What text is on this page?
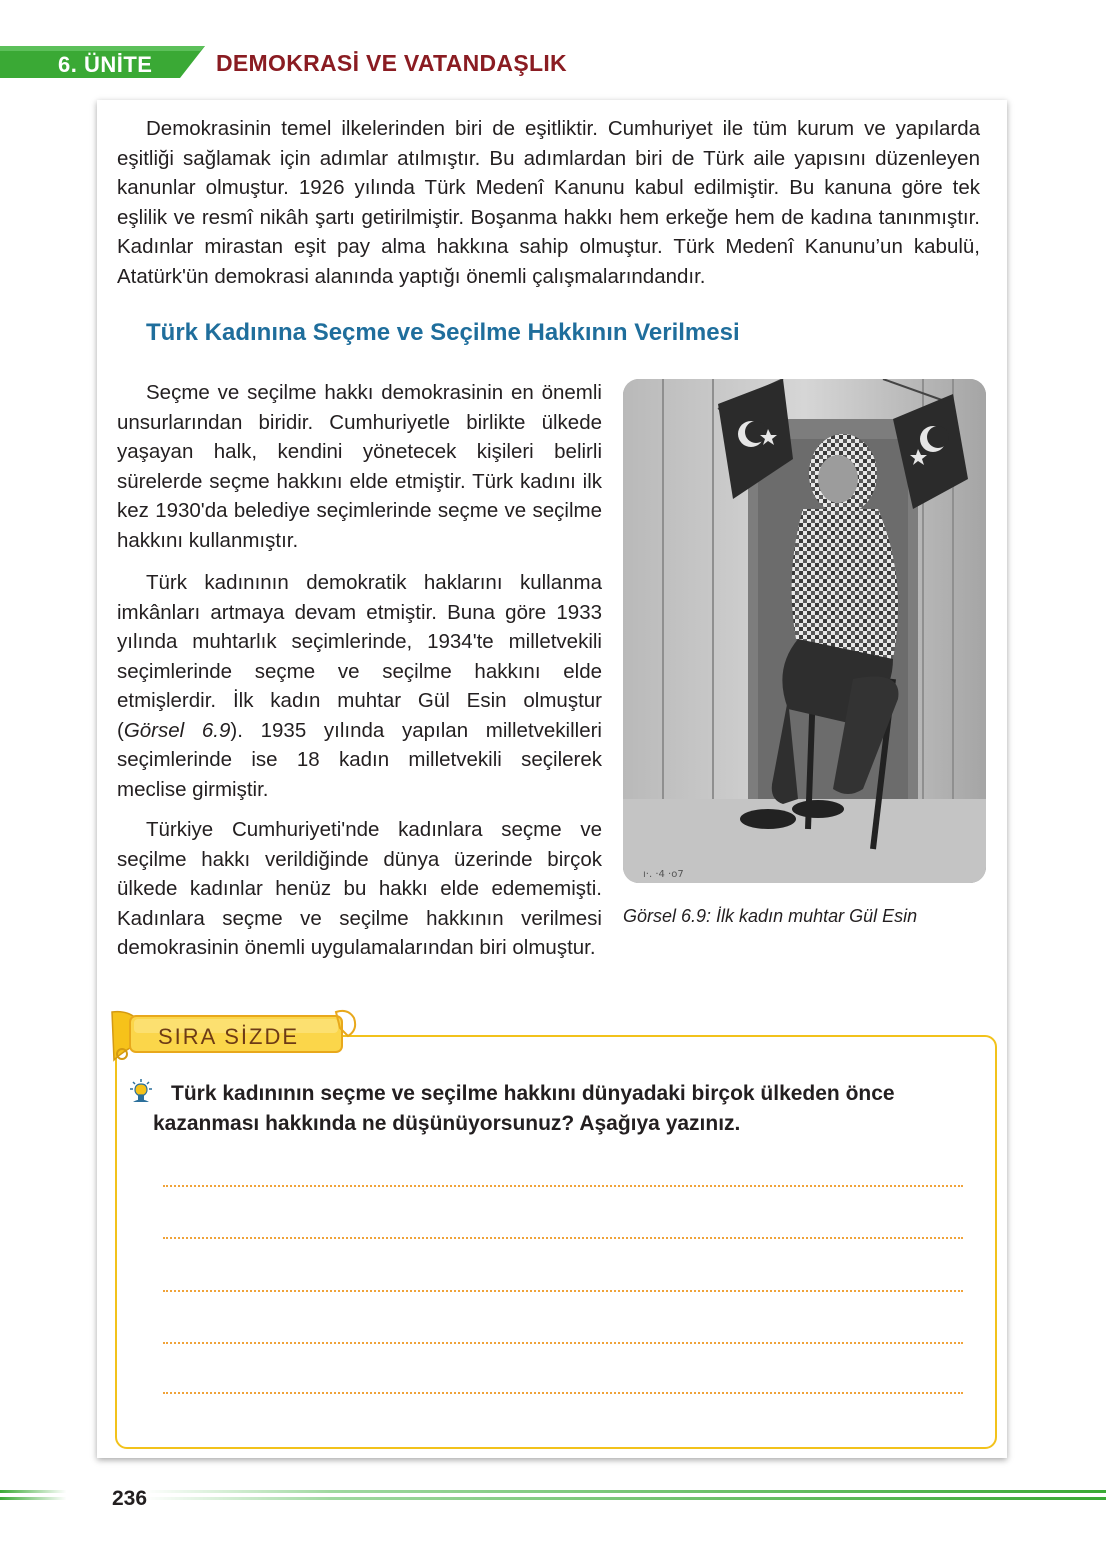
6. ÜNİTE	DEMOKRASİ VE VATANDAŞLIK
Demokrasinin temel ilkelerinden biri de eşitliktir. Cumhuriyet ile tüm kurum ve yapılarda eşitliği sağlamak için adımlar atılmıştır. Bu adımlardan biri de Türk aile yapısını düzenleyen kanunlar olmuştur. 1926 yılında Türk Medenî Kanunu kabul edilmiştir. Bu kanuna göre tek eşlilik ve resmî nikâh şartı getirilmiştir. Boşanma hakkı hem erkeğe hem de kadına tanınmıştır. Kadınlar mirastan eşit pay alma hakkına sahip olmuştur. Türk Medenî Kanunu’un kabulü, Atatürk'ün demokrasi alanında yaptığı önemli çalışmalarındandır.
Türk Kadınına Seçme ve Seçilme Hakkının Verilmesi
Seçme ve seçilme hakkı demokrasinin en önemli unsurlarından biridir. Cumhuriyetle birlikte ülkede yaşayan halk, kendini yönetecek kişileri belirli sürelerde seçme hakkını elde etmiştir. Türk kadını ilk kez 1930'da belediye seçimlerinde seçme ve seçilme hakkını kullanmıştır.
Türk kadınının demokratik haklarını kullanma imkânları artmaya devam etmiştir. Buna göre 1933 yılında muhtarlık seçimlerinde, 1934'te milletvekili seçimlerinde seçme ve seçilme hakkını elde etmişlerdir. İlk kadın muhtar Gül Esin olmuştur (Görsel 6.9). 1935 yılında yapılan milletvekilleri seçimlerinde ise 18 kadın milletvekili seçilerek meclise girmiştir.
Türkiye Cumhuriyeti'nde kadınlara seçme ve seçilme hakkı verildiğinde dünya üzerinde birçok ülkede kadınlar henüz bu hakkı elde edememişti. Kadınlara seçme ve seçilme hakkının verilmesi demokrasinin önemli uygulamalarından biri olmuştur.
ı·. ·4 ·o7
Görsel 6.9: İlk kadın muhtar Gül Esin
SIRA SİZDE
Türk kadınının seçme ve seçilme hakkını dünyadaki birçok ülkeden önce kazanması hakkında ne düşünüyorsunuz? Aşağıya yazınız.
236
